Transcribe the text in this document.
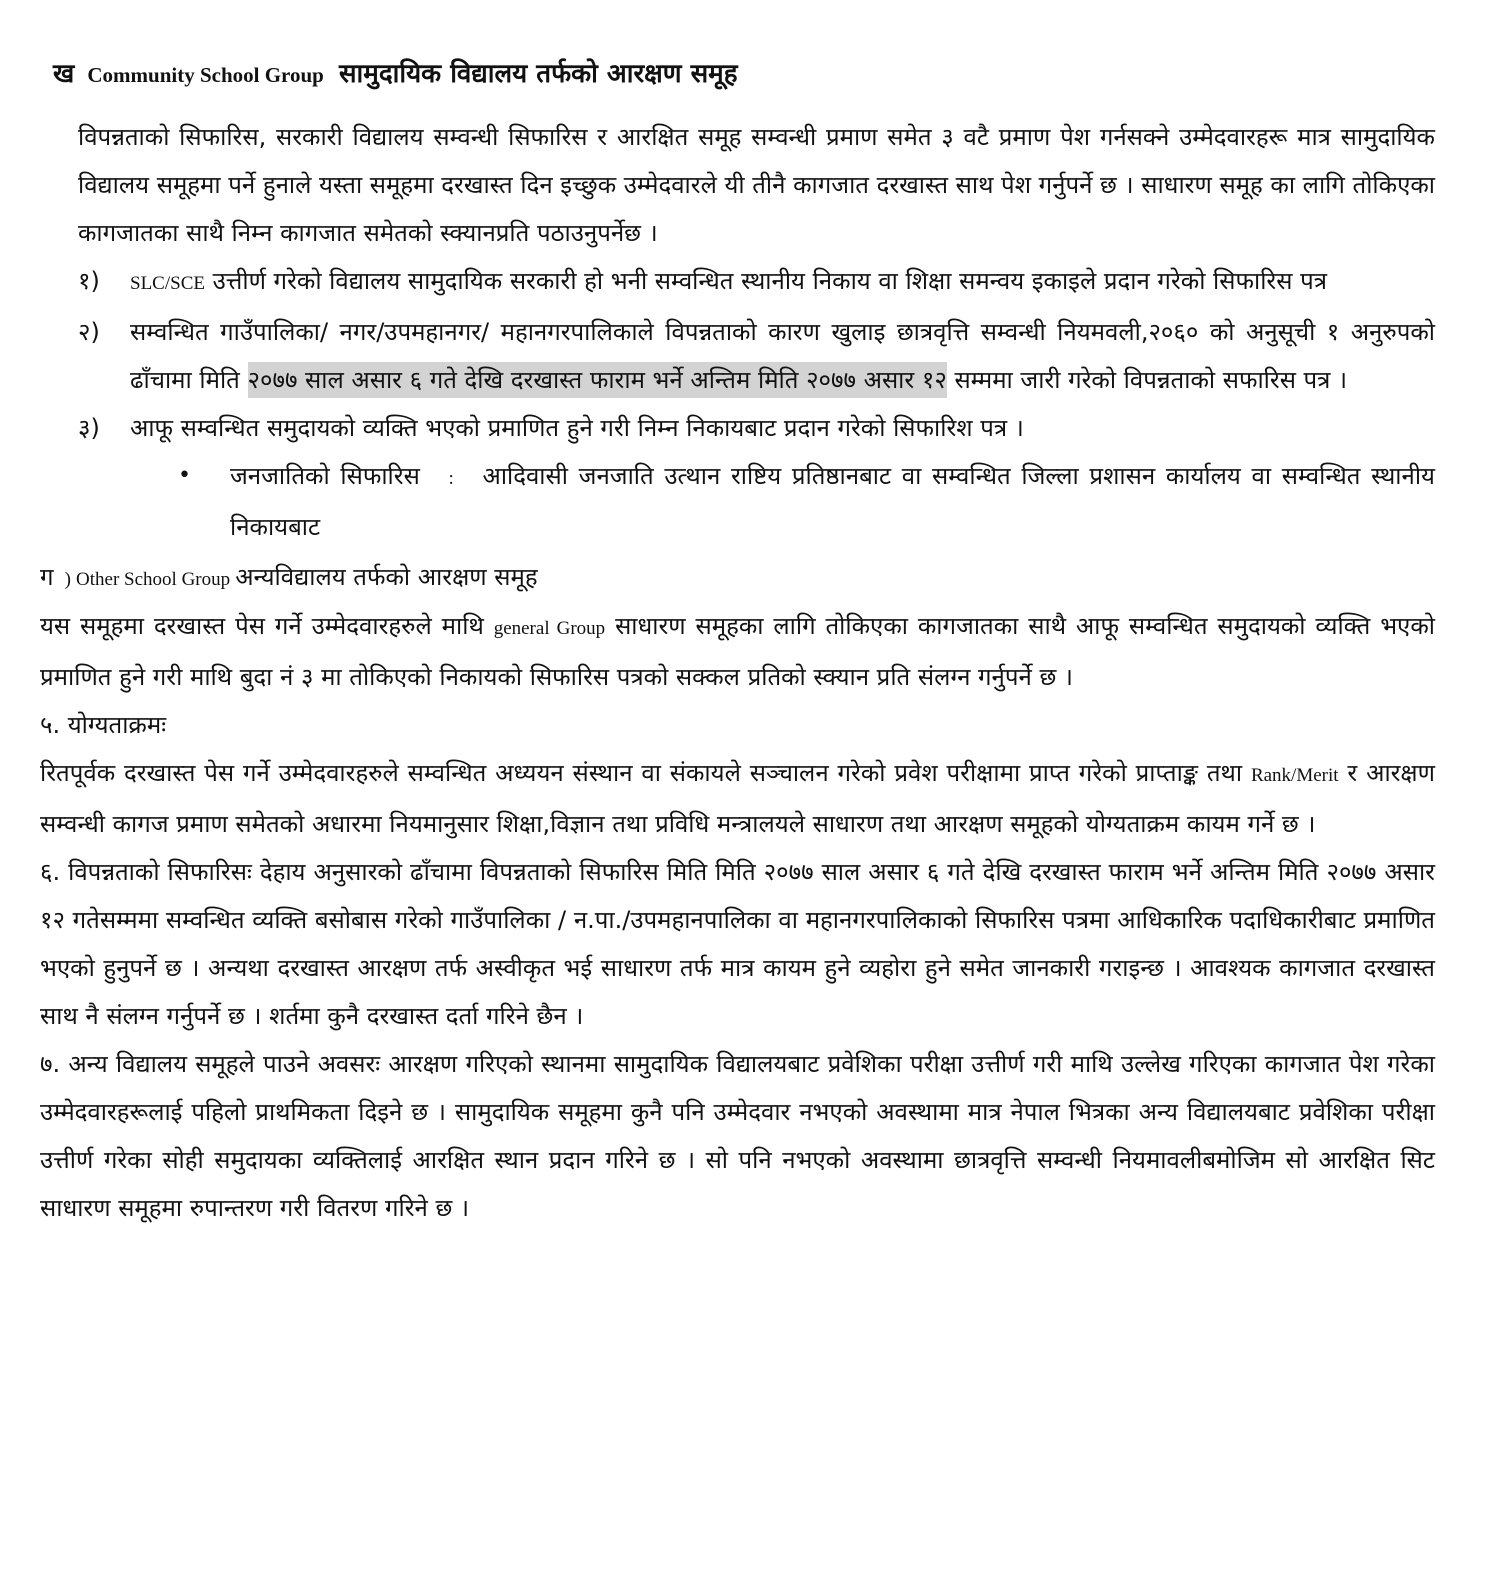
ख Community School Group सामुदायिक विद्यालय तर्फको आरक्षण समूह

विपन्नताको सिफारिस, सरकारी विद्यालय सम्वन्धी सिफारिस र आरक्षित समूह सम्वन्धी प्रमाण समेत ३ वटै प्रमाण पेश गर्नसक्ने उम्मेदवारहरू मात्र सामुदायिक विद्यालय समूहमा पर्ने हुनाले यस्ता समूहमा दरखास्त दिन इच्छुक उम्मेदवारले यी तीनै कागजात दरखास्त साथ पेश गर्नुपर्ने छ । साधारण समूह का लागि तोकिएका कागजातका साथै निम्न कागजात समेतको स्क्यानप्रति पठाउनुपर्नेछ ।

१)	SLC/SCE उत्तीर्ण गरेको विद्यालय सामुदायिक सरकारी हो भनी सम्वन्धित स्थानीय निकाय वा शिक्षा समन्वय इकाइले प्रदान गरेको सिफारिस पत्र
२)	सम्वन्धित गाउँपालिका/ नगर/उपमहानगर/ महानगरपालिकाले विपन्नताको कारण खुलाइ छात्रवृत्ति सम्वन्धी नियमवली,२०६० को अनुसूची १ अनुरुपको ढाँचामा मिति २०७७ साल असार ६ गते देखि दरखास्त फाराम भर्ने अन्तिम मिति २०७७ असार १२ सम्ममा जारी गरेको विपन्नताको सफारिस पत्र ।
३)	आफू सम्वन्धित समुदायको व्यक्ति भएको प्रमाणित हुने गरी निम्न निकायबाट प्रदान गरेको सिफारिश पत्र ।
•	जनजातिको सिफारिस : आदिवासी जनजाति उत्थान राष्टिय प्रतिष्ठानबाट वा सम्वन्धित जिल्ला प्रशासन कार्यालय वा सम्वन्धित स्थानीय निकायबाट
ग ) Other School Group अन्यविद्यालय तर्फको आरक्षण समूह

यस समूहमा दरखास्त पेस गर्ने उम्मेदवारहरुले माथि general Group साधारण समूहका लागि तोकिएका कागजातका साथै आफू सम्वन्धित समुदायको व्यक्ति भएको प्रमाणित हुने गरी माथि बुदा नं ३ मा तोकिएको निकायको सिफारिस पत्रको सक्कल प्रतिको स्क्यान प्रति संलग्न गर्नुपर्ने छ ।

५. योग्यताक्रमः

रितपूर्वक दरखास्त पेस गर्ने उम्मेदवारहरुले सम्वन्धित अध्ययन संस्थान वा संकायले सञ्चालन गरेको प्रवेश परीक्षामा प्राप्त गरेको प्राप्ताङ्क तथा Rank/Merit र आरक्षण सम्वन्धी कागज प्रमाण समेतको अधारमा नियमानुसार शिक्षा,विज्ञान तथा प्रविधि मन्त्रालयले साधारण तथा आरक्षण समूहको योग्यताक्रम कायम गर्ने छ ।

६. विपन्नताको सिफारिसः देहाय अनुसारको ढाँचामा विपन्नताको सिफारिस मिति मिति २०७७ साल असार ६ गते देखि दरखास्त फाराम भर्ने अन्तिम मिति २०७७ असार १२ गतेसम्ममा सम्वन्धित व्यक्ति बसोबास गरेको गाउँपालिका / न.पा./उपमहानपालिका वा महानगरपालिकाको सिफारिस पत्रमा आधिकारिक पदाधिकारीबाट प्रमाणित भएको हुनुपर्ने छ । अन्यथा दरखास्त आरक्षण तर्फ अस्वीकृत भई साधारण तर्फ मात्र कायम हुने व्यहोरा हुने समेत जानकारी गराइन्छ । आवश्यक कागजात दरखास्त साथ नै संलग्न गर्नुपर्ने छ । शर्तमा कुनै दरखास्त दर्ता गरिने छैन ।

७. अन्य विद्यालय समूहले पाउने अवसरः आरक्षण गरिएको स्थानमा सामुदायिक विद्यालयबाट प्रवेशिका परीक्षा उत्तीर्ण गरी माथि उल्लेख गरिएका कागजात पेश गरेका उम्मेदवारहरूलाई पहिलो प्राथमिकता दिइने छ । सामुदायिक समूहमा कुनै पनि उम्मेदवार नभएको अवस्थामा मात्र नेपाल भित्रका अन्य विद्यालयबाट प्रवेशिका परीक्षा उत्तीर्ण गरेका सोही समुदायका व्यक्तिलाई आरक्षित स्थान प्रदान गरिने छ । सो पनि नभएको अवस्थामा छात्रवृत्ति सम्वन्धी नियमावलीबमोजिम सो आरक्षित सिट साधारण समूहमा रुपान्तरण गरी वितरण गरिने छ ।
